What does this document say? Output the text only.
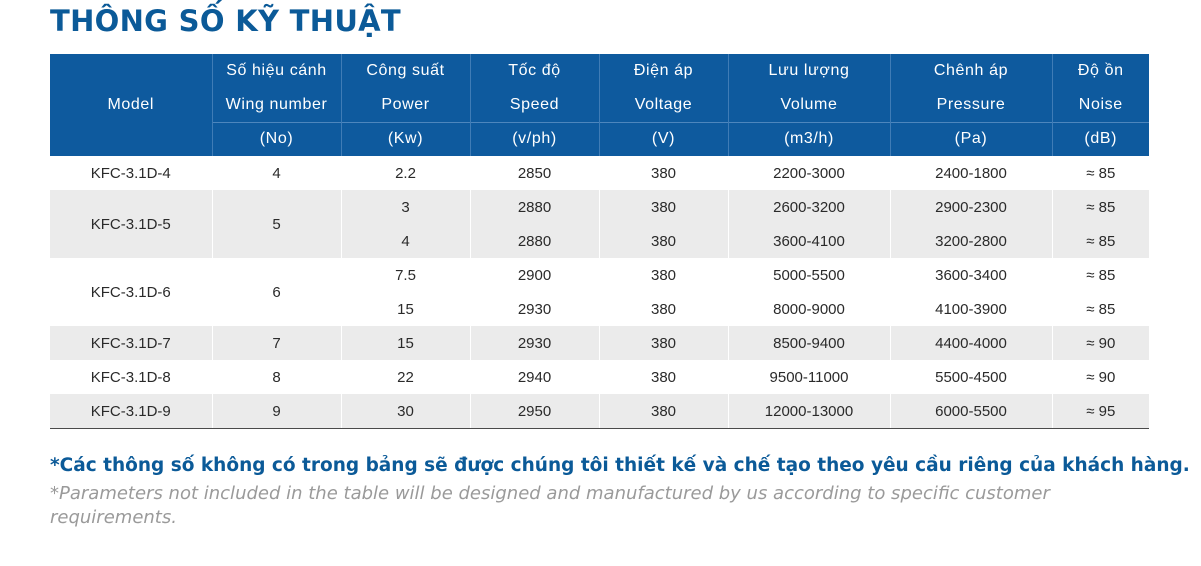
THÔNG SỐ KỸ THUẬT
Model	Số hiệu cánh	Công suất	Tốc độ	Điện áp	Lưu lượng	Chênh áp	Độ ồn
	Wing number	Power	Speed	Voltage	Volume	Pressure	Noise
	(No)	(Kw)	(v/ph)	(V)	(m3/h)	(Pa)	(dB)
KFC-3.1D-4	4	2.2	2850	380	2200-3000	2400-1800	≈ 85
KFC-3.1D-5	5	3	2880	380	2600-3200	2900-2300	≈ 85
		4	2880	380	3600-4100	3200-2800	≈ 85
KFC-3.1D-6	6	7.5	2900	380	5000-5500	3600-3400	≈ 85
		15	2930	380	8000-9000	4100-3900	≈ 85
KFC-3.1D-7	7	15	2930	380	8500-9400	4400-4000	≈ 90
KFC-3.1D-8	8	22	2940	380	9500-11000	5500-4500	≈ 90
KFC-3.1D-9	9	30	2950	380	12000-13000	6000-5500	≈ 95

*Các thông số không có trong bảng sẽ được chúng tôi thiết kế và chế tạo theo yêu cầu riêng của khách hàng.

*Parameters not included in the table will be designed and manufactured by us according to specific customer requirements.
